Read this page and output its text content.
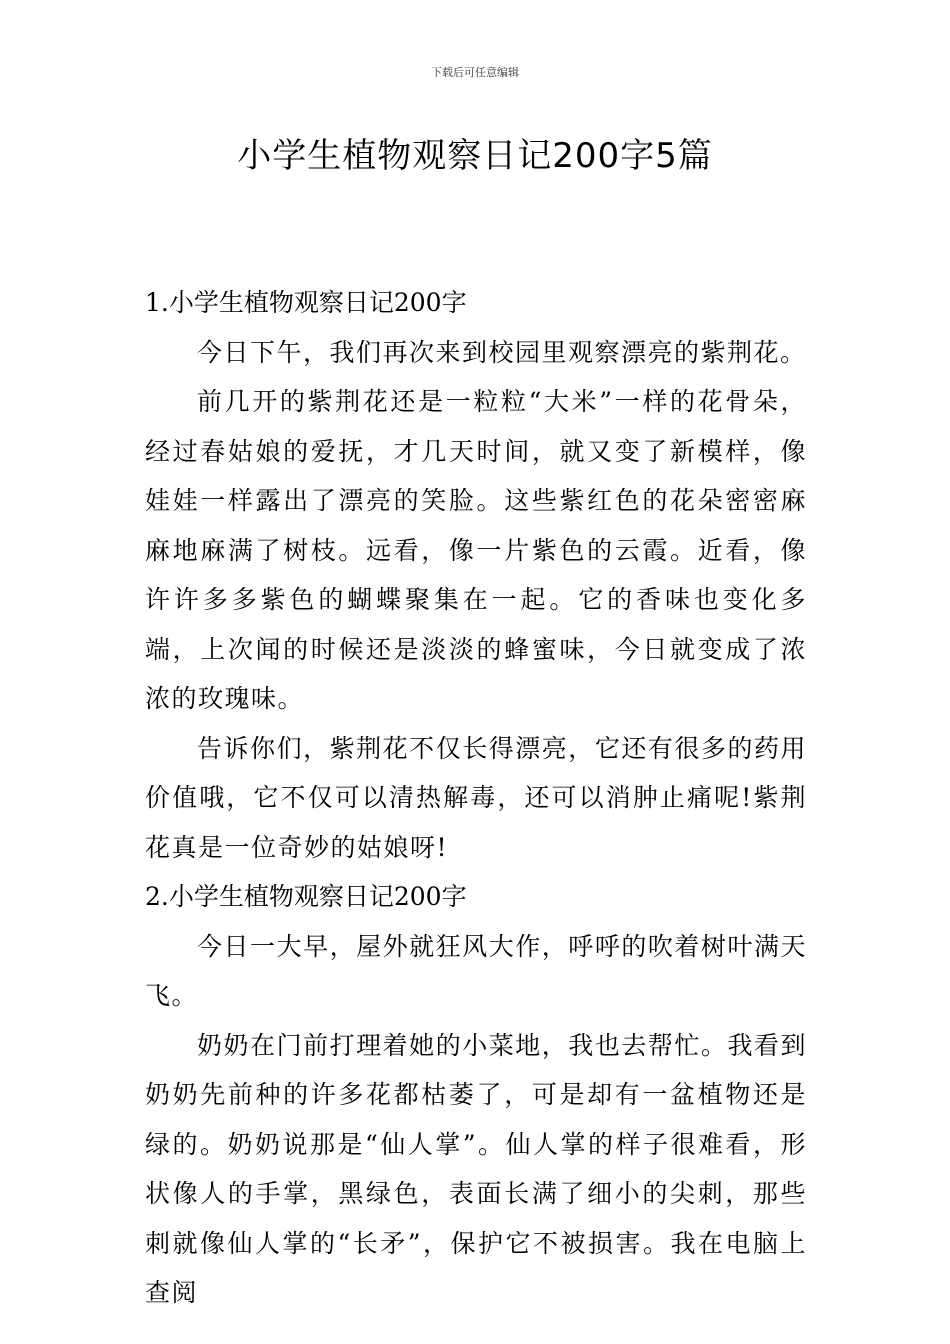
下载后可任意编辑
小学生植物观察日记200字5篇

1.小学生植物观察日记200字

今日下午，我们再次来到校园里观察漂亮的紫荆花。

前几开的紫荆花还是一粒粒“大米”一样的花骨朵，经过春姑娘的爱抚，才几天时间，就又变了新模样，像娃娃一样露出了漂亮的笑脸。这些紫红色的花朵密密麻麻地麻满了树枝。远看，像一片紫色的云霞。近看，像许许多多紫色的蝴蝶聚集在一起。它的香味也变化多端，上次闻的时候还是淡淡的蜂蜜味，今日就变成了浓浓的玫瑰味。

告诉你们，紫荆花不仅长得漂亮，它还有很多的药用价值哦，它不仅可以清热解毒，还可以消肿止痛呢!紫荆花真是一位奇妙的姑娘呀!

2.小学生植物观察日记200字

今日一大早，屋外就狂风大作，呼呼的吹着树叶满天飞。

奶奶在门前打理着她的小菜地，我也去帮忙。我看到奶奶先前种的许多花都枯萎了，可是却有一盆植物还是绿的。奶奶说那是“仙人掌”。仙人掌的样子很难看，形状像人的手掌，黑绿色，表面长满了细小的尖刺，那些刺就像仙人掌的“长矛”，保护它不被损害。我在电脑上查阅
